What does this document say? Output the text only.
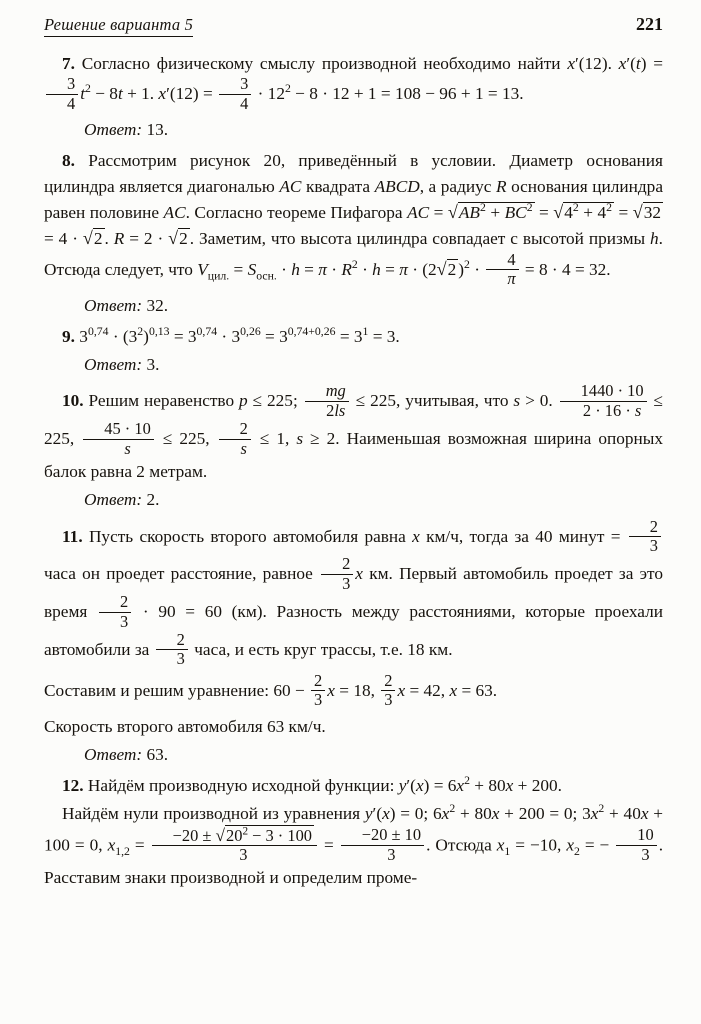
Решение варианта 5	221

7. Согласно физическому смыслу производной необходимо найти x′(12). x′(t) =
$\frac{3}{4} t^2 - 8t + 1$. $x'(12) = \frac{3}{4} \cdot 12^2 - 8 \cdot 12 + 1 = 108 - 96 + 1 = 13$.

Ответ: 13.

8. Рассмотрим рисунок 20, приведённый в условии. Диаметр основания цилиндра является диагональю AC квадрата ABCD, а радиус R основания цилиндра равен половине AC. Согласно теореме Пифагора AC = $√AB^2 + BC^2 = √4^2 + 4^2 = √32 = 4 \cdot √2$ . R = 2 · √2 . Заметим, что высота цилиндра совпадает с высотой призмы h. Отсюда следует, что $V_{цил.} = S_{осн.} \cdot h = \pi \cdot R^2 \cdot h = \pi \cdot (2√2$ )$^2 \cdot \frac{4}{\pi} = 8 \cdot 4 = 32$.

Ответ: 32.

9. $3^{0,74} \cdot (3^2)^{0,13} = 3^{0,74} \cdot 3^{0,26} = 3^{0,74+0,26} = 3^1 = 3$.

Ответ: 3.

10. Решим неравенство p ≤ 225; $\frac{mg}{2ls} \le 225$, учитывая, что s > 0. $\frac{1440 \cdot 10}{2 \cdot 16 \cdot s} \le 225$, $\frac{45 \cdot 10}{s} \le 225$, $\frac{2}{s} \le 1$, s ≥ 2. Наименьшая возможная ширина опорных балок равна 2 метрам.

Ответ: 2.

11. Пусть скорость второго автомобиля равна x км/ч, тогда за 40 минут = $\frac{2}{3}$
часа он проедет расстояние, равное $\frac{2}{3}$ x км. Первый автомобиль проедет за это время $\frac{2}{3} \cdot 90 = 60$ (км). Разность между расстояниями, которые проехали автомобили за $\frac{2}{3}$ часа, и есть круг трассы, т.е. 18 км.

Составим и решим уравнение: $60 - \frac{2}{3}$ x = 18, $\frac{2}{3}$ x = 42, x = 63.

Скорость второго автомобиля 63 км/ч.

Ответ: 63.

12. Найдём производную исходной функции: $y'(x) = 6x^2 + 80x + 200$.

Найдём нули производной из уравнения y′(x) = 0; $6x^2 + 80x + 200 = 0$; $3x^2 + 40x + 100 = 0$, $x_{1,2} = \frac{-20 \pm √20^2 - 3 \cdot 100}{3} = \frac{-20 \pm 10}{3}$ . Отсюда $x_1 = -10$, $x_2$ = − $\frac{10}{3}$ . Расставим знаки производной и определим проме-
